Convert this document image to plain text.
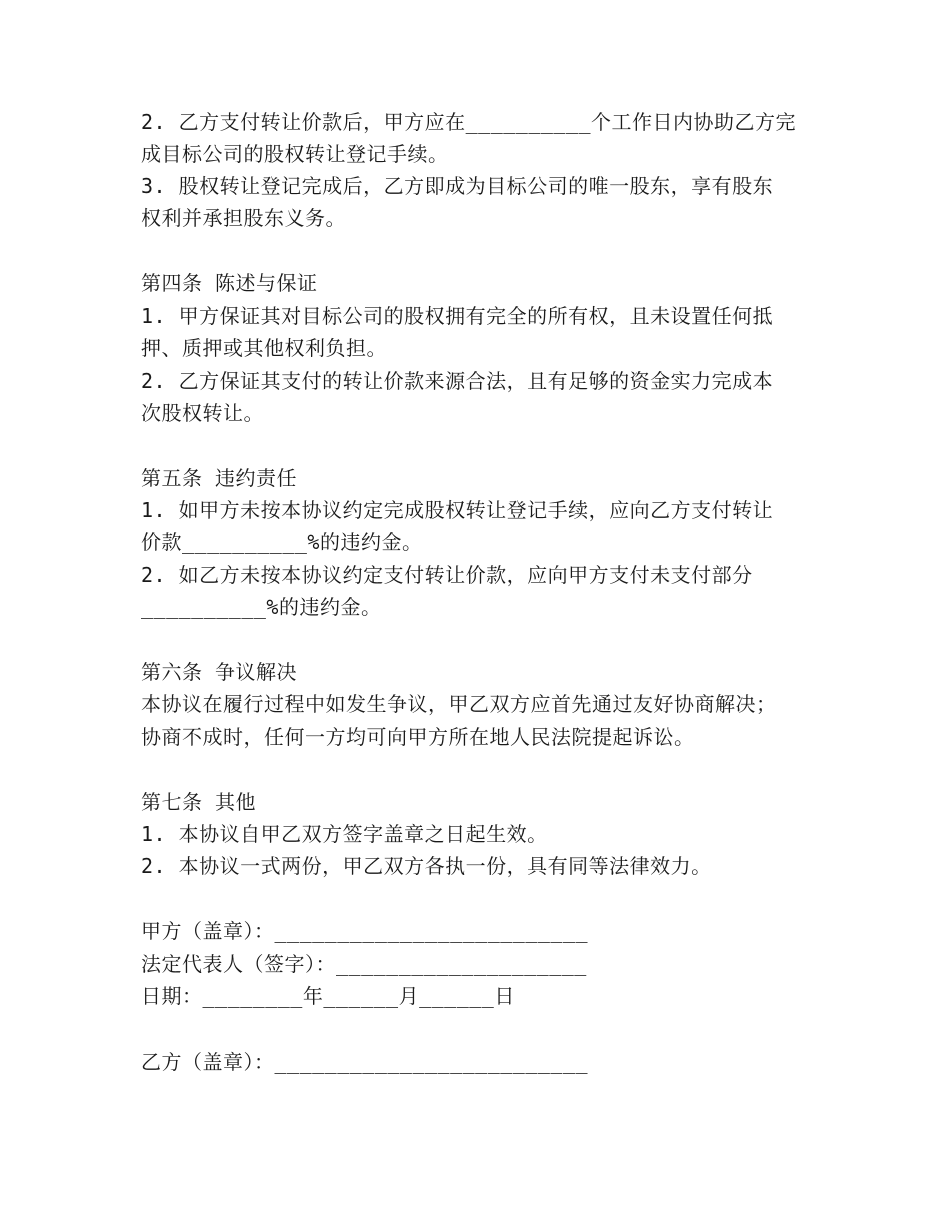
2. 乙方支付转让价款后，甲方应在__________个工作日内协助乙方完
成目标公司的股权转让登记手续。
3. 股权转让登记完成后，乙方即成为目标公司的唯一股东，享有股东
权利并承担股东义务。
第四条 陈述与保证
1. 甲方保证其对目标公司的股权拥有完全的所有权，且未设置任何抵
押、质押或其他权利负担。
2. 乙方保证其支付的转让价款来源合法，且有足够的资金实力完成本
次股权转让。
第五条 违约责任
1. 如甲方未按本协议约定完成股权转让登记手续，应向乙方支付转让
价款__________%的违约金。
2. 如乙方未按本协议约定支付转让价款，应向甲方支付未支付部分
__________%的违约金。
第六条 争议解决
本协议在履行过程中如发生争议，甲乙双方应首先通过友好协商解决；
协商不成时，任何一方均可向甲方所在地人民法院提起诉讼。
第七条 其他
1. 本协议自甲乙双方签字盖章之日起生效。
2. 本协议一式两份，甲乙双方各执一份，具有同等法律效力。
甲方（盖章）：_________________________
法定代表人（签字）：____________________
日期：________年______月______日
乙方（盖章）：_________________________
